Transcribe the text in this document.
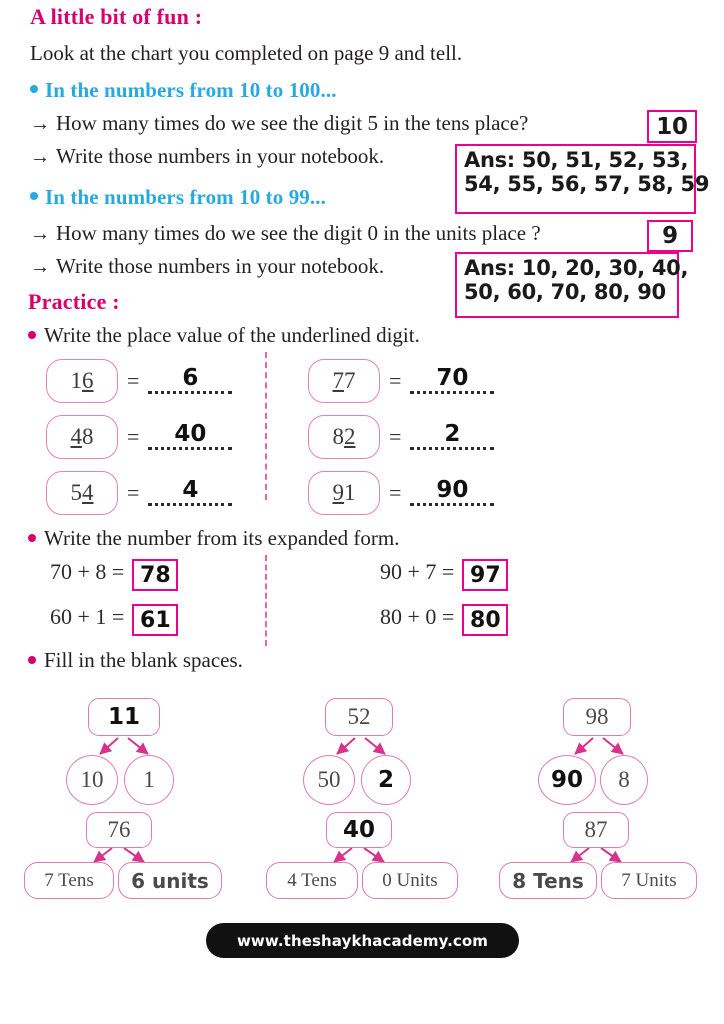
A little bit of fun :
Look at the chart you completed on page 9 and tell.
In the numbers from 10 to 100...
→ How many times do we see the digit 5 in the tens place?	10
→ Write those numbers in your notebook.	Ans: 50, 51, 52, 53,
54, 55, 56, 57, 58, 59
In the numbers from 10 to 99...
→ How many times do we see the digit 0 in the units place ?	9
→ Write those numbers in your notebook.	Ans: 10, 20, 30, 40,
50, 60, 70, 80, 90
Practice :
Write the place value of the underlined digit.
1 6 =	6
4 8 =	40
5 4 =	4
7 7 =	70
8 2 =	2
9 1 =	90
Write the number from its expanded form.
70 + 8 = 78
60 + 1 = 61
90 + 7 = 97
80 + 0 = 80
Fill in the blank spaces.
11
10 1
52
50 2
98
90 8
76
7 Tens 6 units
40
4 Tens 0 Units
87
8 Tens 7 Units
www.theshaykhacademy.com
